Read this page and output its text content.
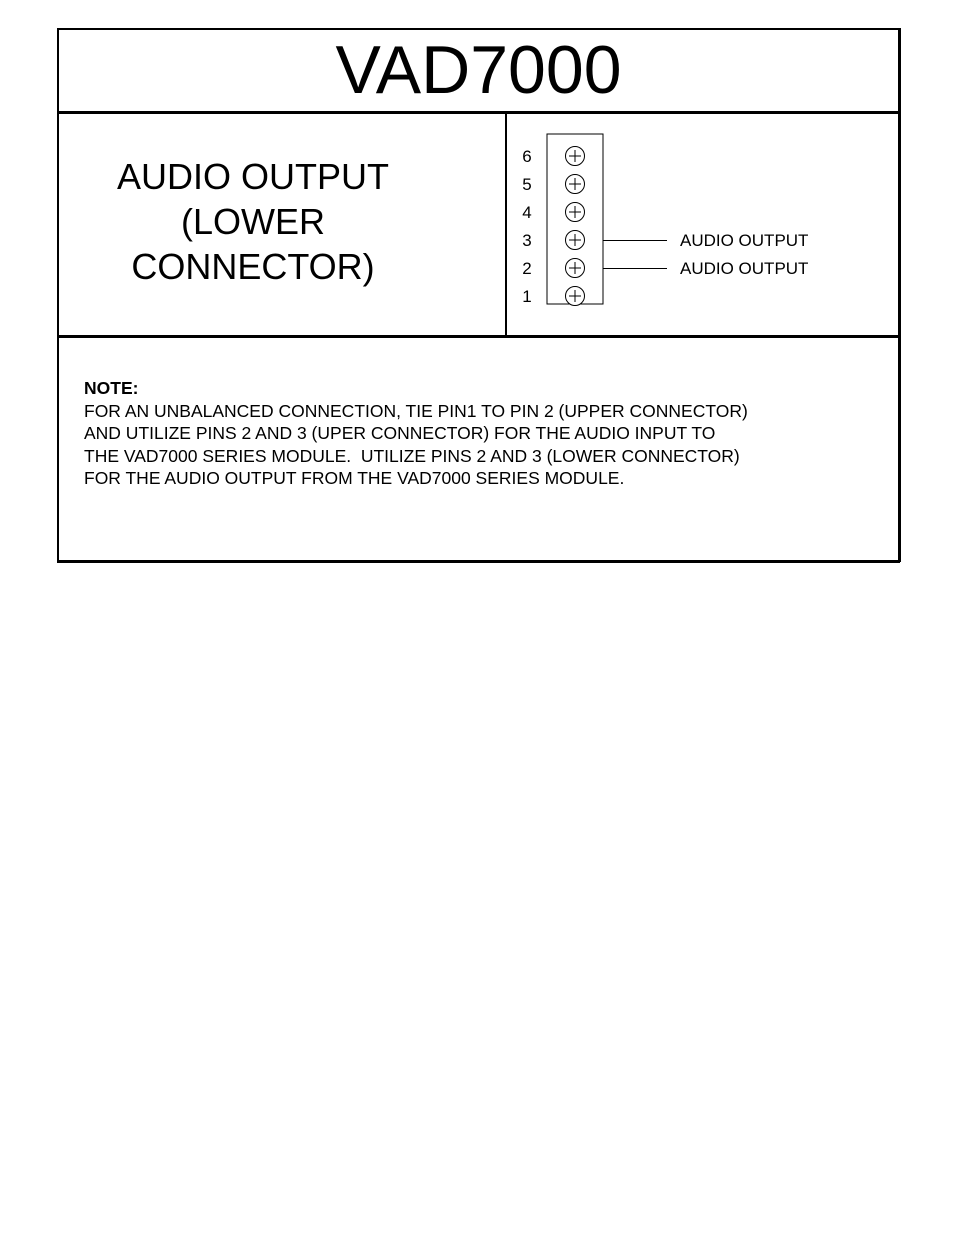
VAD7000
AUDIO OUTPUT (LOWER CONNECTOR)
6
5
4
3	AUDIO OUTPUT
2	AUDIO OUTPUT
1
NOTE:
FOR AN UNBALANCED CONNECTION, TIE PIN1 TO PIN 2 (UPPER CONNECTOR)
AND UTILIZE PINS 2 AND 3 (UPER CONNECTOR) FOR THE AUDIO INPUT TO
THE VAD7000 SERIES MODULE.  UTILIZE PINS 2 AND 3 (LOWER CONNECTOR)
FOR THE AUDIO OUTPUT FROM THE VAD7000 SERIES MODULE.
